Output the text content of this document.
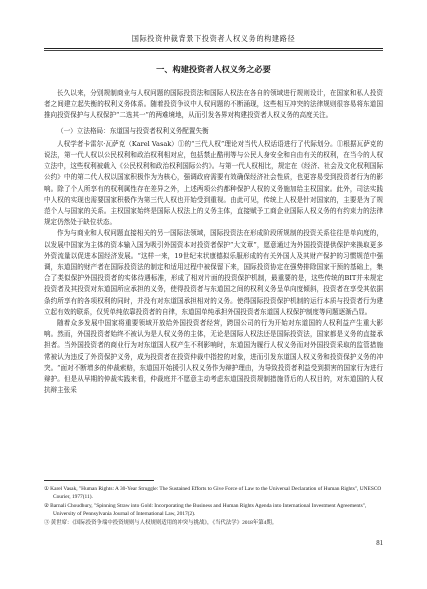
国际投资仲裁背景下投资者人权义务的构建路径
一、构建投资者人权义务之必要

长久以来，分别规制商业与人权问题的国际投资法和国际人权法在各自的领域进行规则设计，在国家和私人投资者之间建立起失衡的权利义务体系。随着投资争议中人权问题的不断涌现，这些相互冲突的法律规则很容易将东道国推向投资保护与人权保护“二选其一”的两难境地，从而引发各界对构建投资者人权义务的高度关注。

（一）立法格局：东道国与投资者权利义务配置失衡

人权学者卡雷尔·瓦萨克（Karel Vasak）①的“三代人权”理论对当代人权话语进行了代际划分。①根据瓦萨克的说法，第一代人权以公民权利和政治权利相对应，包括禁止酷刑等与公民人身安全和自由有关的权利，在当今的人权立法中，这些权利被载入《公民权利和政治权利国际公约》。与第一代人权相比，规定在《经济、社会及文化权利国际公约》中的第二代人权以国家积极作为为核心，强调政府需要有效确保经济社会性质，也更容易受到投资者行为的影响。除了个人所享有的权利属性存在差异之外，上述两项公约都种保护人权的义务施加给主权国家。此外，司法实践中人权的实现也需要国家积极作为第三代人权也开始受到重视。由此可见，传统上人权是针对国家的，主要是为了规范个人与国家的关系。主权国家始终是国际人权法上的义务主体，直接赋予工商企业国际人权义务的有约束力的法律规定仍然处于缺位状态。

作为与商业和人权问题直接相关的另一国际法领域，国际投资法在形成阶段所规制的投资关系往往是单向度的，以发展中国家为主体的资本输入国为吸引外国资本对投资者保护“大文章”，愿意通过为外国投资提供保护来换取更多外资流量以促进本国经济发展。“这样一来，19世纪末状康德拟乐服形成的有关外国人及其财产保护的习惯规范中强调，东道国的财产者在国际投资法的制定和适用过程中被保留下来，国际投资协定在强势排除国家干预的基础上，集合了类似保护外国投资者的实体待遇标准，形成了相对片面的投资保护机制，最重要的是，这些传统的BIT并未规定投资者及其投资对东道国所应承担的义务，使得投资者与东道国之间的权利义务呈单向度倾斜，投资者在享受其依据条约所享有的各项权利的同时，并没有对东道国承担相对的义务。使得国际投资保护机制的运行本质与投资者行为建立起有效的联系，仅凭单纯依靠投资者的自律，东道国单纯承担外国投资者东道国人权保护制度等问题逐渐凸显。

随着众多发展中国家将重要领域开放给外国投资者经营，跨国公司的行为开始对东道国的人权利益产生重大影响。然而，外国投资者始终不被认为是人权义务的主体，无论是国际人权法还是国际投资法，国家都是义务的直接承担者。当外国投资者的商业行为对东道国人权产生不利影响时，东道国为履行人权义务而对外国投资采取的监管措施常被认为违反了外资保护义务，成为投资者在投资仲裁中指控的对象，进而引发东道国人权义务和投资保护义务的冲突。“面对不断增多的仲裁索赔，东道国开始援引人权义务作为辩护理由，为导致投资者利益受到损害的国家行为进行辩护。但是从早期的仲裁实践来看，仲裁庭并不愿意主动考虑东道国投资规制措施背后的人权目的，对东道国的人权抗辩主张采

① Karel Vasak, "Human Rights: A 30-Year Struggle: The Sustained Efforts to Give Force of Law to the Universal Declaration of Human Rights", UNESCO Courier, 1977(11).

② Barnali Choudhury, "Spinning Straw into Gold: Incorporating the Business and Human Rights Agenda into International Investment Agreements", University of Pennsylvania Journal of International Law, 2017(2).

③ 黄世席：《国际投资争端中投资规则与人权规则适用的冲突与挑战》，《当代法学》2018年第4期。

81
